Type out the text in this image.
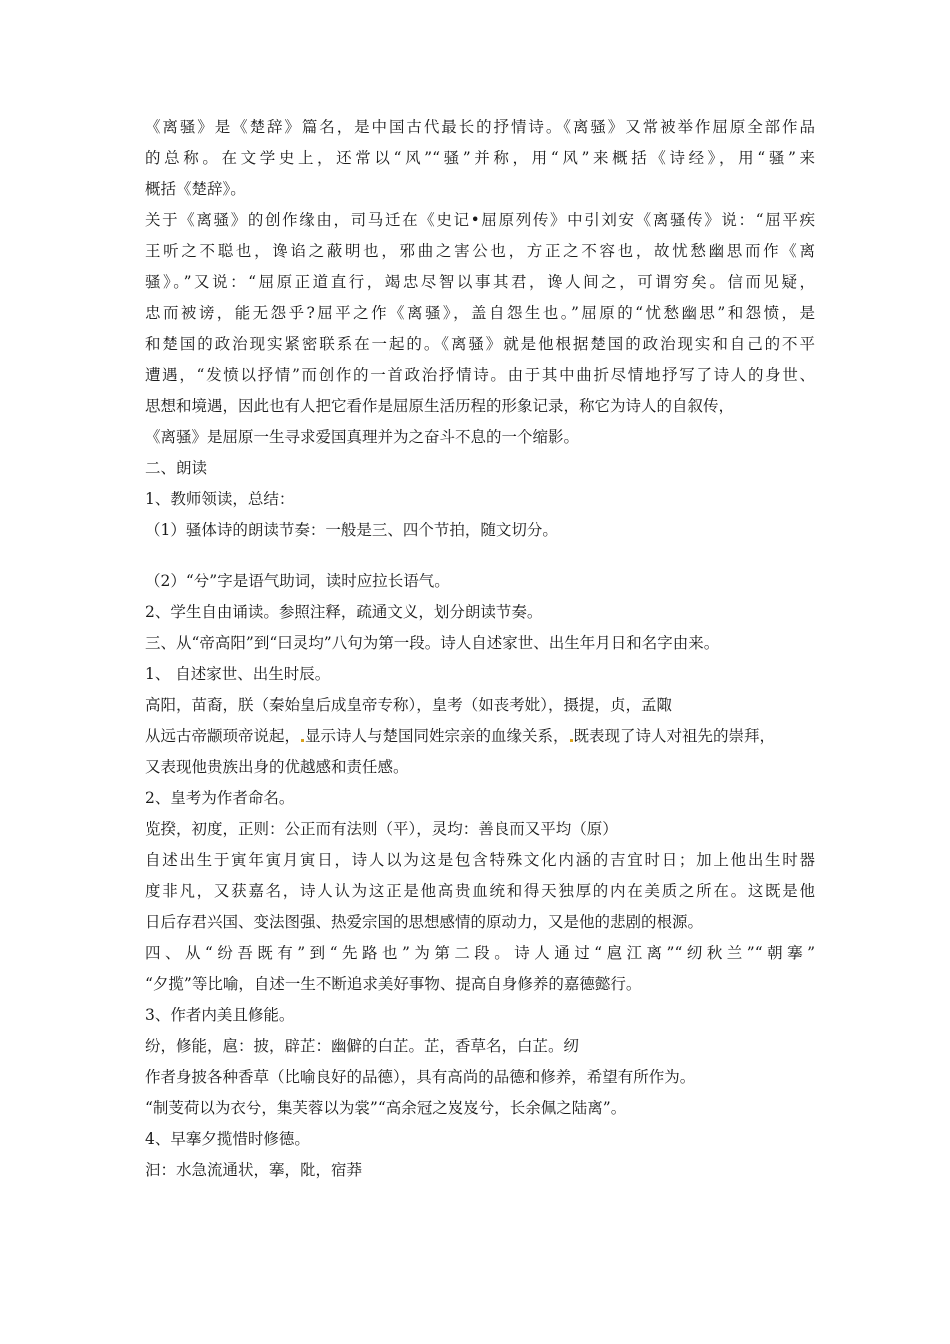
《离骚》是《楚辞》篇名，是中国古代最长的抒情诗。《离骚》又常被举作屈原全部作品
的总称。在文学史上，还常以“风”“骚”并称，用“风”来概括《诗经》，用“骚”来
概括《楚辞》。
关于《离骚》的创作缘由，司马迁在《史记•屈原列传》中引刘安《离骚传》说：“屈平疾
王听之不聪也，谗谄之蔽明也，邪曲之害公也，方正之不容也，故忧愁幽思而作《离
骚》。”又说：“屈原正道直行，竭忠尽智以事其君，谗人间之，可谓穷矣。信而见疑，
忠而被谤，能无怨乎?屈平之作《离骚》，盖自怨生也。”屈原的“忧愁幽思”和怨愤，是
和楚国的政治现实紧密联系在一起的。《离骚》就是他根据楚国的政治现实和自己的不平
遭遇，“发愤以抒情”而创作的一首政治抒情诗。由于其中曲折尽情地抒写了诗人的身世、
思想和境遇，因此也有人把它看作是屈原生活历程的形象记录，称它为诗人的自叙传，
《离骚》是屈原一生寻求爱国真理并为之奋斗不息的一个缩影。
二、朗读
1、教师领读，总结：
（1）骚体诗的朗读节奏：一般是三、四个节拍，随文切分。
（2）“兮”字是语气助词，读时应拉长语气。
2、学生自由诵读。参照注释，疏通文义，划分朗读节奏。
三、从“帝高阳”到“曰灵均”八句为第一段。诗人自述家世、出生年月日和名字由来。
1、 自述家世、出生时辰。
高阳，苗裔，朕（秦始皇后成皇帝专称），皇考（如丧考妣），摄提，贞，孟陬
从远古帝颛顼帝说起， 显示诗人与楚国同姓宗亲的血缘关系， 既表现了诗人对祖先的崇拜，
又表现他贵族出身的优越感和责任感。
2、皇考为作者命名。
览揆，初度，正则：公正而有法则（平），灵均：善良而又平均（原）
自述出生于寅年寅月寅日，诗人以为这是包含特殊文化内涵的吉宜时日；加上他出生时器
度非凡，又获嘉名，诗人认为这正是他高贵血统和得天独厚的内在美质之所在。这既是他
日后存君兴国、变法图强、热爱宗国的思想感情的原动力，又是他的悲剧的根源。
四、从“纷吾既有”到“先路也”为第二段。诗人通过“扈江离”“纫秋兰”“朝搴”
“夕揽”等比喻，自述一生不断追求美好事物、提高自身修养的嘉德懿行。
3、作者内美且修能。
纷，修能，扈：披，辟芷：幽僻的白芷。芷，香草名，白芷。纫
作者身披各种香草（比喻良好的品德），具有高尚的品德和修养，希望有所作为。
“制芰荷以为衣兮，集芙蓉以为裳”“高余冠之岌岌兮，长余佩之陆离”。
4、早搴夕揽惜时修德。
汩：水急流通状，搴，阰，宿莽
